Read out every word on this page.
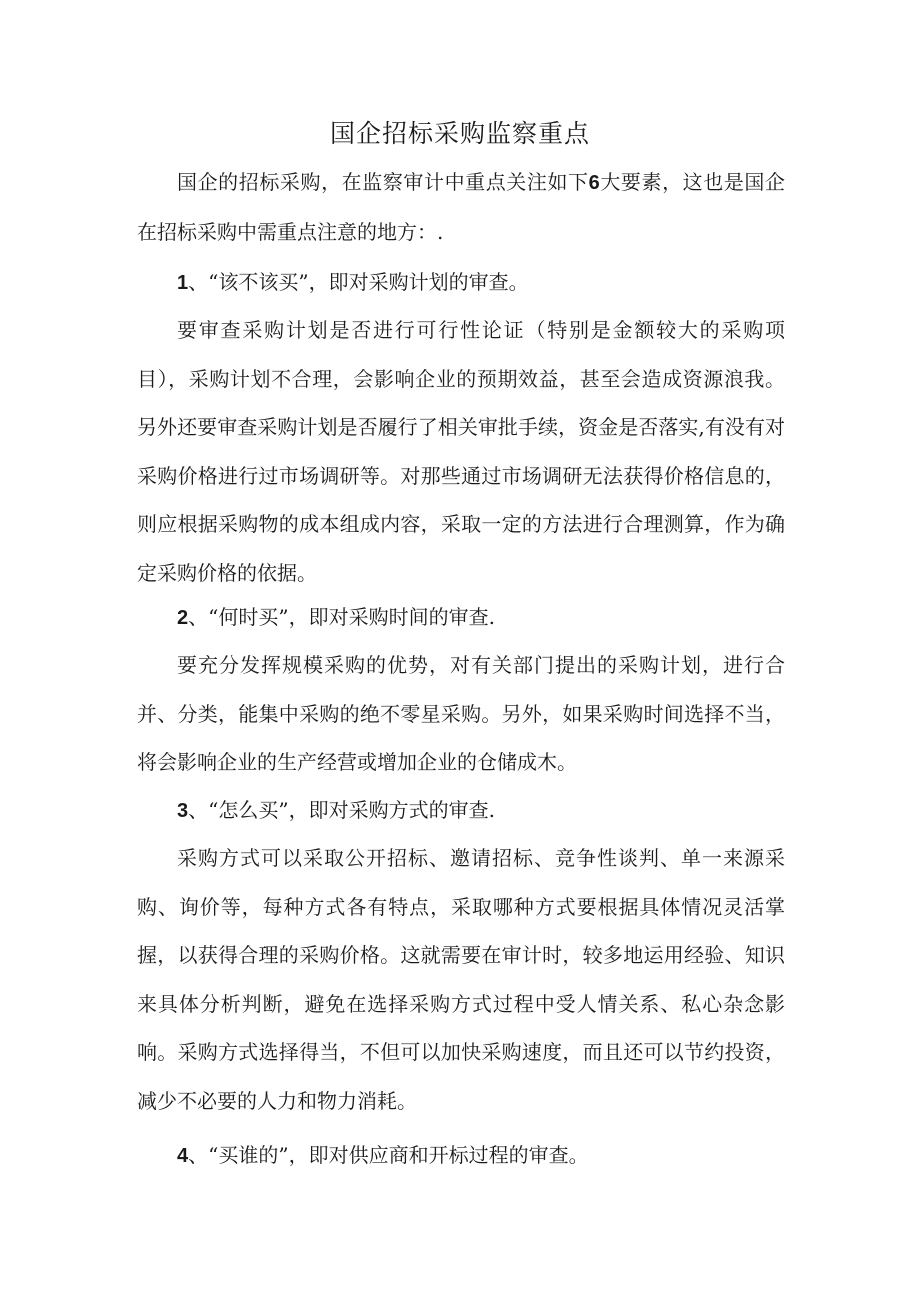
国企招标采购监察重点

国企的招标采购，在监察审计中重点关注如下6大要素，这也是国企在招标采购中需重点注意的地方：.

1、“该不该买”，即对采购计划的审查。

要审查采购计划是否进行可行性论证（特别是金额较大的采购项目），采购计划不合理，会影响企业的预期效益，甚至会造成资源浪我。另外还要审查采购计划是否履行了相关审批手续，资金是否落实,有没有对采购价格进行过市场调研等。对那些通过市场调研无法获得价格信息的，则应根据采购物的成本组成内容，采取一定的方法进行合理测算，作为确定采购价格的依据。

2、“何时买”，即对采购时间的审查.

要充分发挥规模采购的优势，对有关部门提出的采购计划，进行合并、分类，能集中采购的绝不零星采购。另外，如果采购时间选择不当，将会影响企业的生产经营或增加企业的仓储成木。

3、“怎么买”，即对采购方式的审查.

采购方式可以采取公开招标、邀请招标、竞争性谈判、单一来源采购、询价等，每种方式各有特点，采取哪种方式要根据具体情况灵活掌握，以获得合理的采购价格。这就需要在审计时，较多地运用经验、知识来具体分析判断，避免在选择采购方式过程中受人情关系、私心杂念影响。采购方式选择得当，不但可以加快采购速度，而且还可以节约投资，减少不必要的人力和物力消耗。

4、“买谁的”，即对供应商和开标过程的审查。
